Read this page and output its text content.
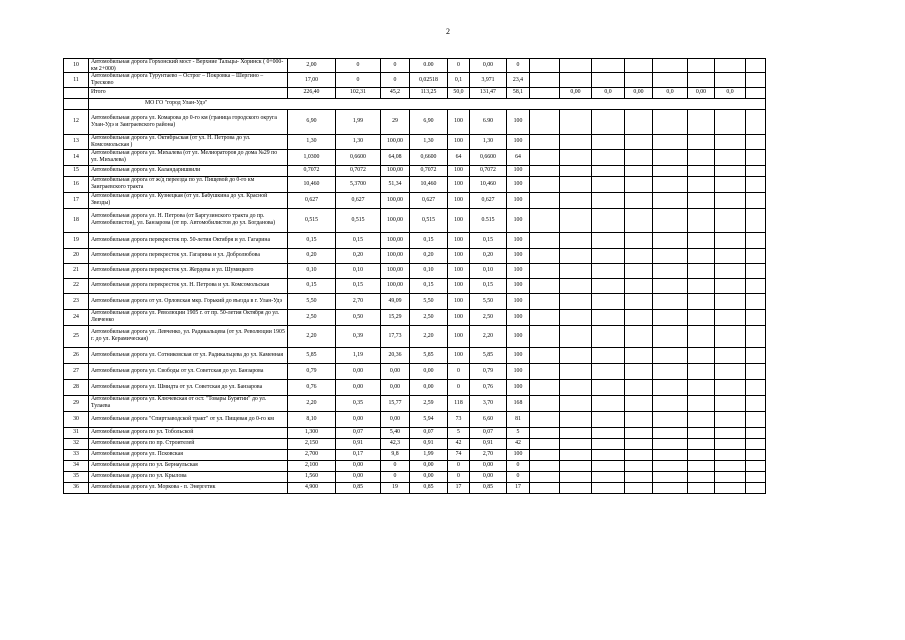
2
10	Автомобильная дорога Горхонский мост - Верхние Тальцы- Хоринск ( 0+000-км 2+000)	2,00	0	0	0.00	0	0,00	0								
11	Автомобильная дорога Турунтаево – Острог – Покровка – Шергино – Тресково	17,00	0	0	0,02518	0,1	3,971	23,4								
	Итого	226,40	102,31	45,2	113,25	50,0	131,47	58,1		0,00	0,0	0,00	0,0	0,00	0,0	
	МО ГО "город Улан-Удэ"															
12	Автомобильная дорога ул. Комарова до 0-го км (граница городского округа Улан-Удэ и Заиграевского района)	6,90	1,99	29	6,90	100	6.90	100								
13	Автомобильная дорога ул. Октябрьская (от ул. Н. Петрова до ул. Комсомольская )	1,30	1,30	100,00	1,30	100	1,30	100								
14	Автомобильная дорога ул. Михалева (от ул. Мелиораторов до дома №29 по ул. Михалева)	1,0300	0,6600	64,08	0,6600	64	0,6600	64								
15	Автомобильная дорога ул. Каландаришвили	0,7072	0,7072	100,00	0,7072	100	0,7072	100								
16	Автомобильная дорога от ж/д переезда по ул. Пищевой до 0-го км Заиграевского тракта	10,460	5,3700	51,34	10,460	100	10,460	100								
17	Автомобильная дорога ул. Кузнецкая (от ул. Бабушкина до ул. Красной Звезды)	0,627	0,627	100,00	0,627	100	0,627	100								
18	Автомобильная дорога ул. Н. Петрова (от Баргузинского тракта до пр. Автомобилистов), ул. Банзарова (от пр. Автомобилистов до ул. Богданова)	0,515	0,515	100,00	0,515	100	0.515	100								
19	Автомобильная дорога перекресток пр. 50-летия Октября и ул. Гагарина	0,15	0,15	100,00	0,15	100	0,15	100								
20	Автомобильная дорога перекресток ул. Гагарина и ул. Добролюбова	0,20	0,20	100,00	0,20	100	0,20	100								
21	Автомобильная дорога перекресток ул. Жердева и ул. Шумяцкого	0,10	0,10	100,00	0,10	100	0,10	100								
22	Автомобильная дорога перекресток ул. Н. Петрова и ул. Комсомольская	0,15	0,15	100,00	0,15	100	0,15	100								
23	Автомобильная дорога от ул. Орловская мкр. Горький до въезда в г. Улан-Удэ	5,50	2,70	49,09	5,50	100	5,50	100								
24	Автомобильная дорога ул. Революции 1905 г. от пр. 50-летия Октября до ул. Левченко	2,50	0,50	15,29	2,50	100	2,50	100								
25	Автомобильная дорога ул. Левченко, ул. Радикальцева (от ул. Революции 1905 г. до ул. Керамическая)	2,20	0,39	17,73	2,20	100	2,20	100								
26	Автомобильная дорога ул. Сотниковская от ул. Радикальцева до ул. Каменная	5,85	1,19	20,36	5,85	100	5,85	100								
27	Автомобильная дорога ул. Свободы от ул. Советская до ул. Банзарова	0,79	0,00	0,00	0,00	0	0,79	100								
28	Автомобильная дорога ул. Шмидта от ул. Советская до ул. Банзарова	0,76	0,00	0,00	0,00	0	0,76	100								
29	Автомобильная дорога ул. Ключевская от ост. "Товары Бурятии" до ул. Тулаева	2,20	0,35	15,77	2,59	118	3,70	168								
30	Автомобильная дорога "Спиртзаводской тракт" от ул. Пищевая до 0-го км	8,10	0,00	0,00	5,94	73	6,60	81								
31	Автомобильная дорога по ул. Тобольской	1,300	0,07	5,40	0,07	5	0,07	5								
32	Автомобильная дорога по пр. Строителей	2,150	0,91	42,3	0,91	42	0,91	42								
33	Автомобильная дорога ул. Псковская	2,700	0,17	9,8	1,99	74	2,70	100								
34	Автомобильная дорога по ул. Бернаульская	2,100	0,00	0	0,00	0	0,00	0								
35	Автомобильная дорога по ул. Крылова	1,560	0,00	0	0,00	0	0,00	0								
36	Автомобильная дорога ул. Моркова - п. Энергетик	4,900	0,85	19	0,85	17	0,85	17								
